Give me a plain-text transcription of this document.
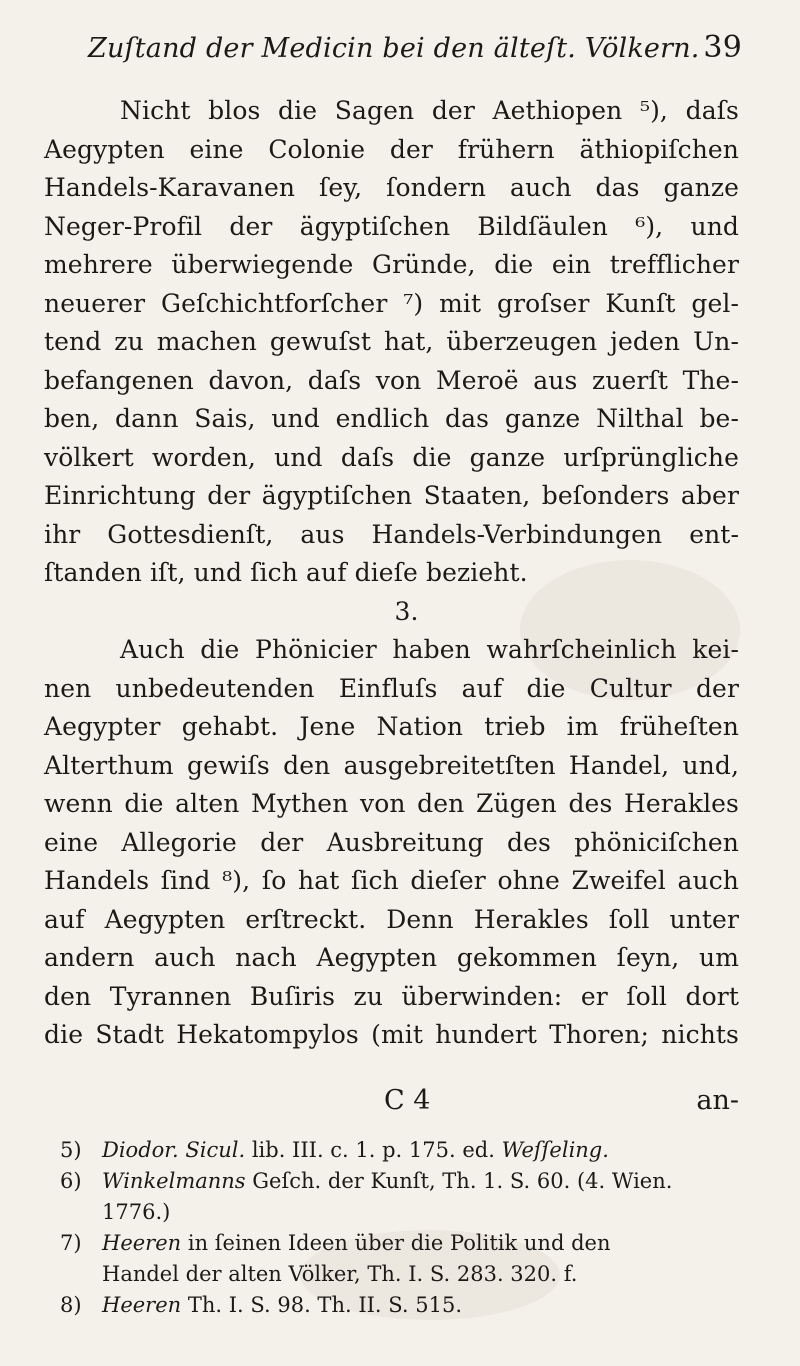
Zuſtand der Medicin bei den älteſt. Völkern. 39
Nicht blos die Sagen der Aethiopen ⁵), daſs
Aegypten eine Colonie der frühern äthiopiſchen
Handels-Karavanen ſey, ſondern auch das ganze
Neger-Profil der ägyptiſchen Bildſäulen ⁶), und
mehrere überwiegende Gründe, die ein trefflicher
neuerer Geſchichtforſcher ⁷) mit groſser Kunſt gel-
tend zu machen gewuſst hat, überzeugen jeden Un-
befangenen davon, daſs von Meroë aus zuerſt The-
ben, dann Sais, und endlich das ganze Nilthal be-
völkert worden, und daſs die ganze urſprüngliche
Einrichtung der ägyptiſchen Staaten, beſonders aber
ihr Gottesdienſt, aus Handels-Verbindungen ent-
ſtanden iſt, und ſich auf dieſe bezieht.
3.
Auch die Phönicier haben wahrſcheinlich kei-
nen unbedeutenden Einfluſs auf die Cultur der
Aegypter gehabt. Jene Nation trieb im früheſten
Alterthum gewiſs den ausgebreitetſten Handel, und,
wenn die alten Mythen von den Zügen des Herakles
eine Allegorie der Ausbreitung des phöniciſchen
Handels ſind ⁸), ſo hat ſich dieſer ohne Zweifel auch
auf Aegypten erſtreckt. Denn Herakles ſoll unter
andern auch nach Aegypten gekommen ſeyn, um
den Tyrannen Buſiris zu überwinden: er ſoll dort
die Stadt Hekatompylos (mit hundert Thoren; nichts
C 4	an-
5) Diodor. Sicul. lib. III. c. 1. p. 175. ed. Weſſeling.
6) Winkelmanns Geſch. der Kunſt, Th. 1. S. 60. (4. Wien.
1776.)
7) Heeren in ſeinen Ideen über die Politik und den
Handel der alten Völker, Th. I. S. 283. 320. f.
8) Heeren Th. I. S. 98. Th. II. S. 515.
